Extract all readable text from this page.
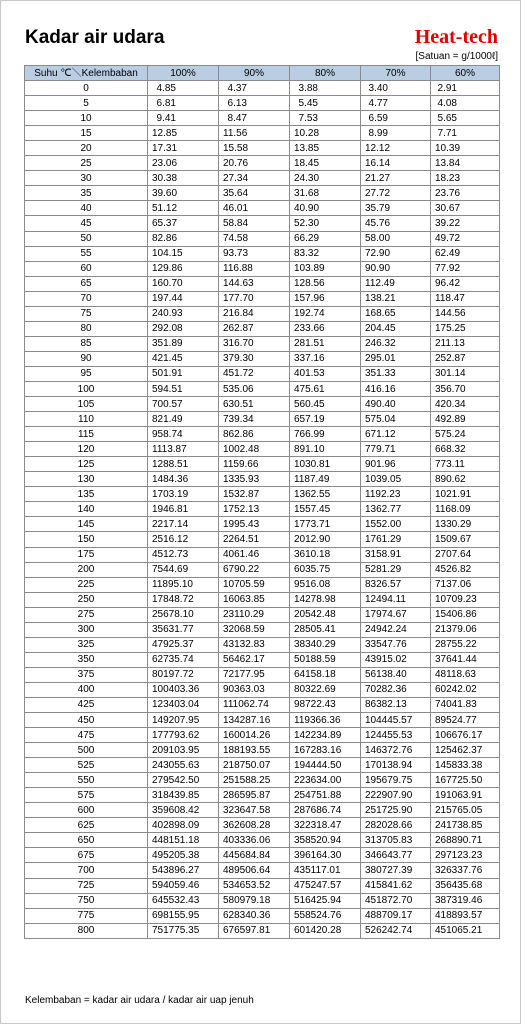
Kadar air udara	Heat-tech
[Satuan = g/1000ℓ]
Suhu ℃＼Kelembaban	100%	90%	80%	70%	60%
0	4.85	4.37	3.88	3.40	2.91
5	6.81	6.13	5.45	4.77	4.08
10	9.41	8.47	7.53	6.59	5.65
15	12.85	11.56	10.28	8.99	7.71
20	17.31	15.58	13.85	12.12	10.39
25	23.06	20.76	18.45	16.14	13.84
30	30.38	27.34	24.30	21.27	18.23
35	39.60	35.64	31.68	27.72	23.76
40	51.12	46.01	40.90	35.79	30.67
45	65.37	58.84	52.30	45.76	39.22
50	82.86	74.58	66.29	58.00	49.72
55	104.15	93.73	83.32	72.90	62.49
60	129.86	116.88	103.89	90.90	77.92
65	160.70	144.63	128.56	112.49	96.42
70	197.44	177.70	157.96	138.21	118.47
75	240.93	216.84	192.74	168.65	144.56
80	292.08	262.87	233.66	204.45	175.25
85	351.89	316.70	281.51	246.32	211.13
90	421.45	379.30	337.16	295.01	252.87
95	501.91	451.72	401.53	351.33	301.14
100	594.51	535.06	475.61	416.16	356.70
105	700.57	630.51	560.45	490.40	420.34
110	821.49	739.34	657.19	575.04	492.89
115	958.74	862.86	766.99	671.12	575.24
120	1113.87	1002.48	891.10	779.71	668.32
125	1288.51	1159.66	1030.81	901.96	773.11
130	1484.36	1335.93	1187.49	1039.05	890.62
135	1703.19	1532.87	1362.55	1192.23	1021.91
140	1946.81	1752.13	1557.45	1362.77	1168.09
145	2217.14	1995.43	1773.71	1552.00	1330.29
150	2516.12	2264.51	2012.90	1761.29	1509.67
175	4512.73	4061.46	3610.18	3158.91	2707.64
200	7544.69	6790.22	6035.75	5281.29	4526.82
225	11895.10	10705.59	9516.08	8326.57	7137.06
250	17848.72	16063.85	14278.98	12494.11	10709.23
275	25678.10	23110.29	20542.48	17974.67	15406.86
300	35631.77	32068.59	28505.41	24942.24	21379.06
325	47925.37	43132.83	38340.29	33547.76	28755.22
350	62735.74	56462.17	50188.59	43915.02	37641.44
375	80197.72	72177.95	64158.18	56138.40	48118.63
400	100403.36	90363.03	80322.69	70282.36	60242.02
425	123403.04	111062.74	98722.43	86382.13	74041.83
450	149207.95	134287.16	119366.36	104445.57	89524.77
475	177793.62	160014.26	142234.89	124455.53	106676.17
500	209103.95	188193.55	167283.16	146372.76	125462.37
525	243055.63	218750.07	194444.50	170138.94	145833.38
550	279542.50	251588.25	223634.00	195679.75	167725.50
575	318439.85	286595.87	254751.88	222907.90	191063.91
600	359608.42	323647.58	287686.74	251725.90	215765.05
625	402898.09	362608.28	322318.47	282028.66	241738.85
650	448151.18	403336.06	358520.94	313705.83	268890.71
675	495205.38	445684.84	396164.30	346643.77	297123.23
700	543896.27	489506.64	435117.01	380727.39	326337.76
725	594059.46	534653.52	475247.57	415841.62	356435.68
750	645532.43	580979.18	516425.94	451872.70	387319.46
775	698155.95	628340.36	558524.76	488709.17	418893.57
800	751775.35	676597.81	601420.28	526242.74	451065.21
Kelembaban = kadar air udara / kadar air uap jenuh
